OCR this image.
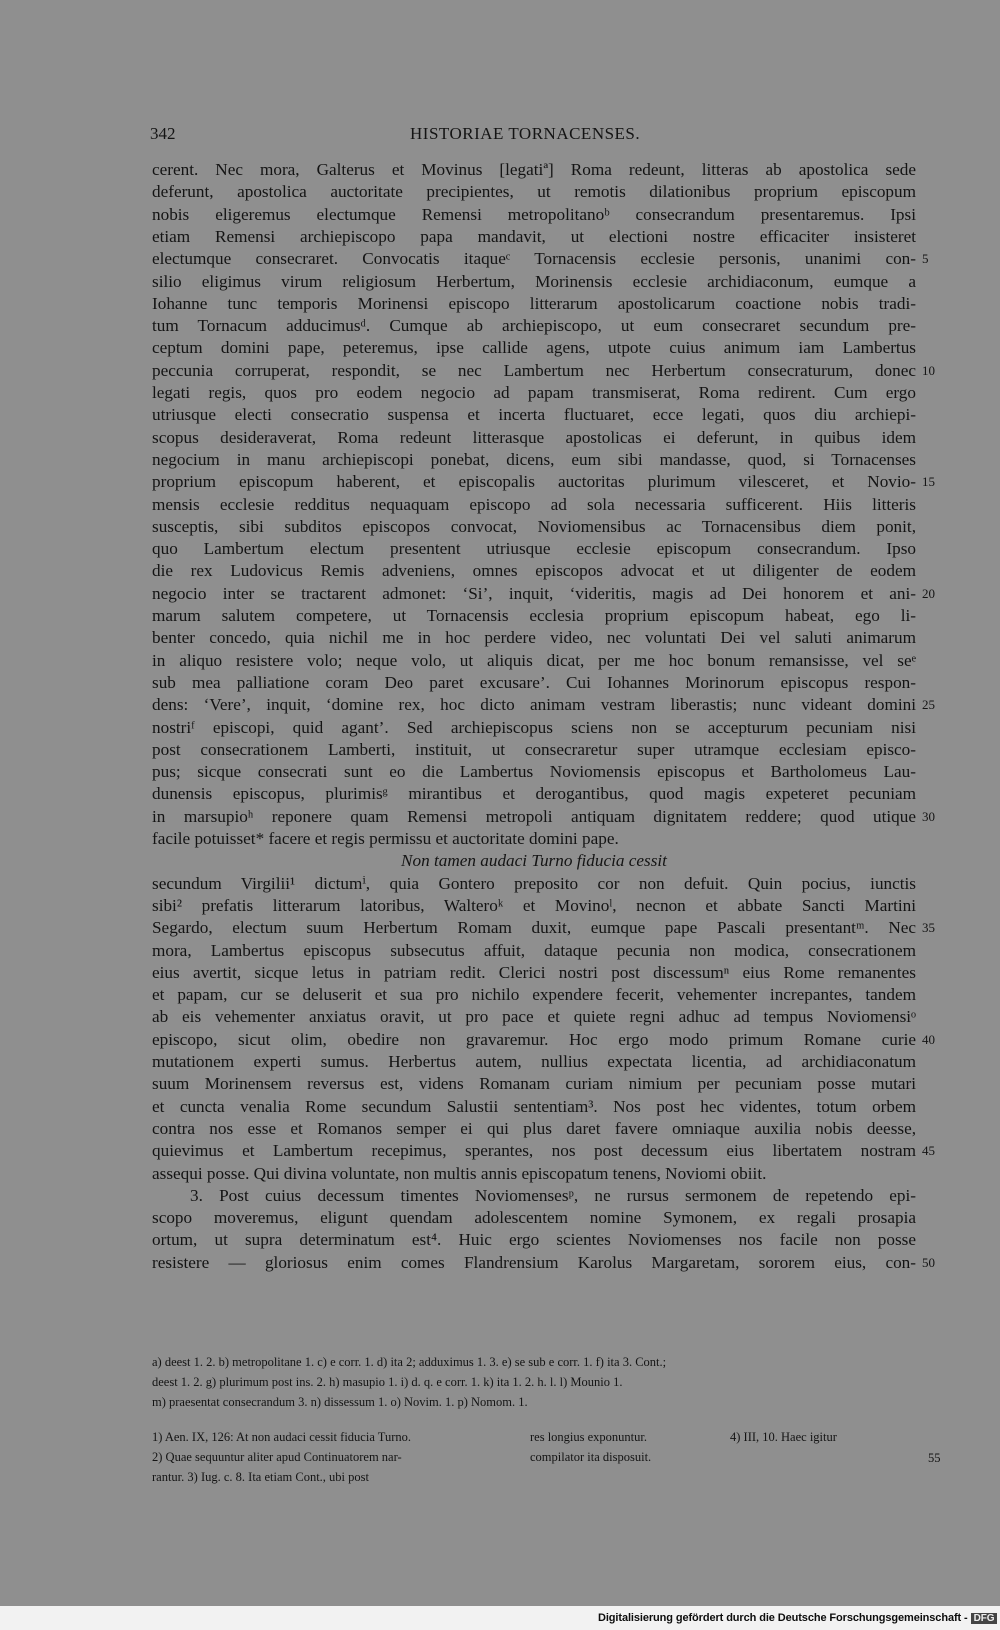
342	HISTORIAE TORNACENSES.
cerent. Nec mora, Galterus et Movinus [legatiª] Roma redeunt, litteras ab apostolica sede
deferunt, apostolica auctoritate precipientes, ut remotis dilationibus proprium episcopum
nobis eligeremus electumque Remensi metropolitanoᵇ consecrandum presentaremus. Ipsi
etiam Remensi archiepiscopo papa mandavit, ut electioni nostre efficaciter insisteret
electumque consecraret. Convocatis itaqueᶜ Tornacensis ecclesie personis, unanimi con-
silio eligimus virum religiosum Herbertum, Morinensis ecclesie archidiaconum, eumque a
Iohanne tunc temporis Morinensi episcopo litterarum apostolicarum coactione nobis tradi-
tum Tornacum adducimusᵈ. Cumque ab archiepiscopo, ut eum consecraret secundum pre-
ceptum domini pape, peteremus, ipse callide agens, utpote cuius animum iam Lambertus
peccunia corruperat, respondit, se nec Lambertum nec Herbertum consecraturum, donec
legati regis, quos pro eodem negocio ad papam transmiserat, Roma redirent. Cum ergo
utriusque electi consecratio suspensa et incerta fluctuaret, ecce legati, quos diu archiepi-
scopus desideraverat, Roma redeunt litterasque apostolicas ei deferunt, in quibus idem
negocium in manu archiepiscopi ponebat, dicens, eum sibi mandasse, quod, si Tornacenses
proprium episcopum haberent, et episcopalis auctoritas plurimum vilesceret, et Novio-
mensis ecclesie redditus nequaquam episcopo ad sola necessaria sufficerent. Hiis litteris
susceptis, sibi subditos episcopos convocat, Noviomensibus ac Tornacensibus diem ponit,
quo Lambertum electum presentent utriusque ecclesie episcopum consecrandum. Ipso
die rex Ludovicus Remis adveniens, omnes episcopos advocat et ut diligenter de eodem
negocio inter se tractarent admonet: ‘Si’, inquit, ‘videritis, magis ad Dei honorem et ani-
marum salutem competere, ut Tornacensis ecclesia proprium episcopum habeat, ego li-
benter concedo, quia nichil me in hoc perdere video, nec voluntati Dei vel saluti animarum
in aliquo resistere volo; neque volo, ut aliquis dicat, per me hoc bonum remansisse, vel seᵉ
sub mea palliatione coram Deo paret excusare’. Cui Iohannes Morinorum episcopus respon-
dens: ‘Vere’, inquit, ‘domine rex, hoc dicto animam vestram liberastis; nunc videant domini
nostriᶠ episcopi, quid agant’. Sed archiepiscopus sciens non se accepturum pecuniam nisi
post consecrationem Lamberti, instituit, ut consecraretur super utramque ecclesiam episco-
pus; sicque consecrati sunt eo die Lambertus Noviomensis episcopus et Bartholomeus Lau-
dunensis episcopus, plurimisᵍ mirantibus et derogantibus, quod magis expeteret pecuniam
in marsupioʰ reponere quam Remensi metropoli antiquam dignitatem reddere; quod utique
facile potuisset* facere et regis permissu et auctoritate domini pape.
Non tamen audaci Turno fiducia cessit
secundum Virgilii¹ dictumⁱ, quia Gontero preposito cor non defuit. Quin pocius, iunctis
sibi² prefatis litterarum latoribus, Walteroᵏ et Movinoˡ, necnon et abbate Sancti Martini
Segardo, electum suum Herbertum Romam duxit, eumque pape Pascali presentantᵐ. Nec
mora, Lambertus episcopus subsecutus affuit, dataque pecunia non modica, consecrationem
eius avertit, sicque letus in patriam redit. Clerici nostri post discessumⁿ eius Rome remanentes
et papam, cur se deluserit et sua pro nichilo expendere fecerit, vehementer increpantes, tandem
ab eis vehementer anxiatus oravit, ut pro pace et quiete regni adhuc ad tempus Noviomensiᵒ
episcopo, sicut olim, obedire non gravaremur. Hoc ergo modo primum Romane curie
mutationem experti sumus. Herbertus autem, nullius expectata licentia, ad archidiaconatum
suum Morinensem reversus est, videns Romanam curiam nimium per pecuniam posse mutari
et cuncta venalia Rome secundum Salustii sententiam³. Nos post hec videntes, totum orbem
contra nos esse et Romanos semper ei qui plus daret favere omniaque auxilia nobis deesse,
quievimus et Lambertum recepimus, sperantes, nos post decessum eius libertatem nostram
assequi posse. Qui divina voluntate, non multis annis episcopatum tenens, Noviomi obiit.
3. Post cuius decessum timentes Noviomensesᵖ, ne rursus sermonem de repetendo epi-
scopo moveremus, eligunt quendam adolescentem nomine Symonem, ex regali prosapia
ortum, ut supra determinatum est⁴. Huic ergo scientes Noviomenses nos facile non posse
resistere — gloriosus enim comes Flandrensium Karolus Margaretam, sororem eius, con-
5
10
15
20
25
30
35
40
45
50
a) deest 1. 2. b) metropolitane 1. c) e corr. 1. d) ita 2; adduximus 1. 3. e) se sub e corr. 1. f) ita 3. Cont.;
deest 1. 2. g) plurimum post ins. 2. h) masupio 1. i) d. q. e corr. 1. k) ita 1. 2. h. l. l) Mounio 1.
m) praesentat consecrandum 3. n) dissessum 1. o) Novim. 1. p) Nomom. 1.
1) Aen. IX, 126: At non audaci cessit fiducia Turno.	res longius exponuntur.	4) III, 10. Haec igitur
2) Quae sequuntur aliter apud Continuatorem nar-	compilator ita disposuit.
rantur. 3) Iug. c. 8. Ita etiam Cont., ubi post
55
Digitalisierung gefördert durch die Deutsche Forschungsgemeinschaft - DFG
